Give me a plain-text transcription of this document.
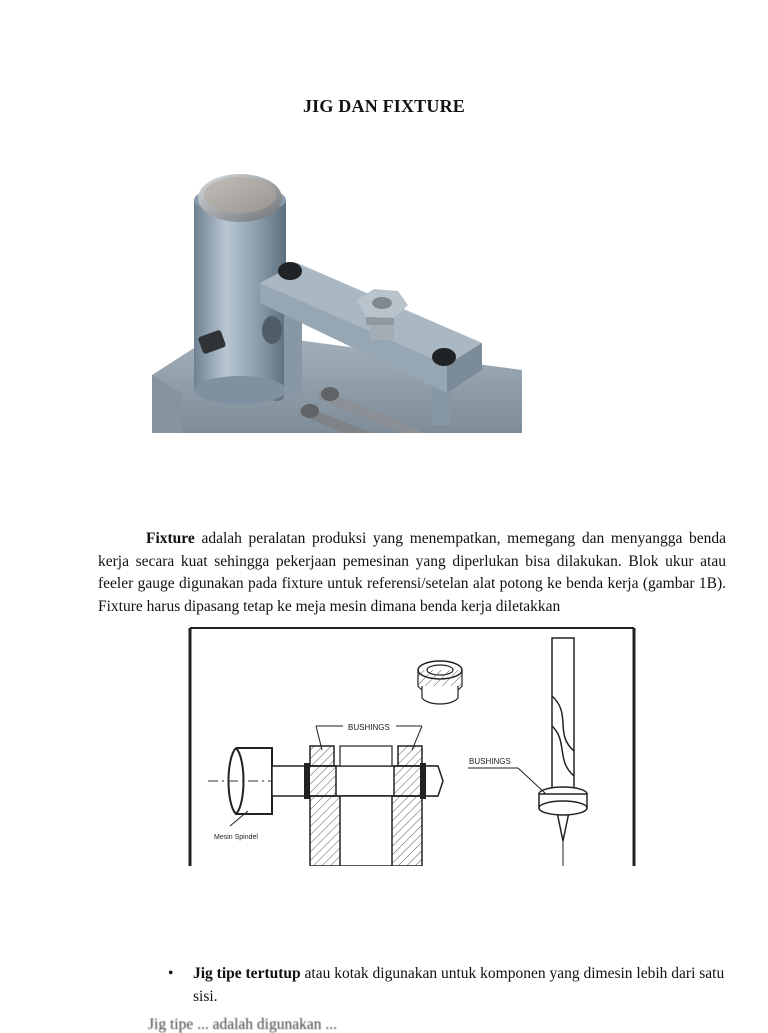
JIG DAN FIXTURE
Fixture adalah peralatan produksi yang menempatkan, memegang dan menyangga benda kerja secara kuat sehingga pekerjaan pemesinan yang diperlukan bisa dilakukan. Blok ukur atau feeler gauge digunakan pada fixture untuk referensi/setelan alat potong ke benda kerja (gambar 1B). Fixture harus dipasang tetap ke meja mesin dimana benda kerja diletakkan
BUSHINGS
BUSHINGS
Mesin Spindel
• Jig tipe tertutup atau kotak digunakan untuk komponen yang dimesin lebih dari satu sisi.
Jig tipe ... adalah digunakan ...
